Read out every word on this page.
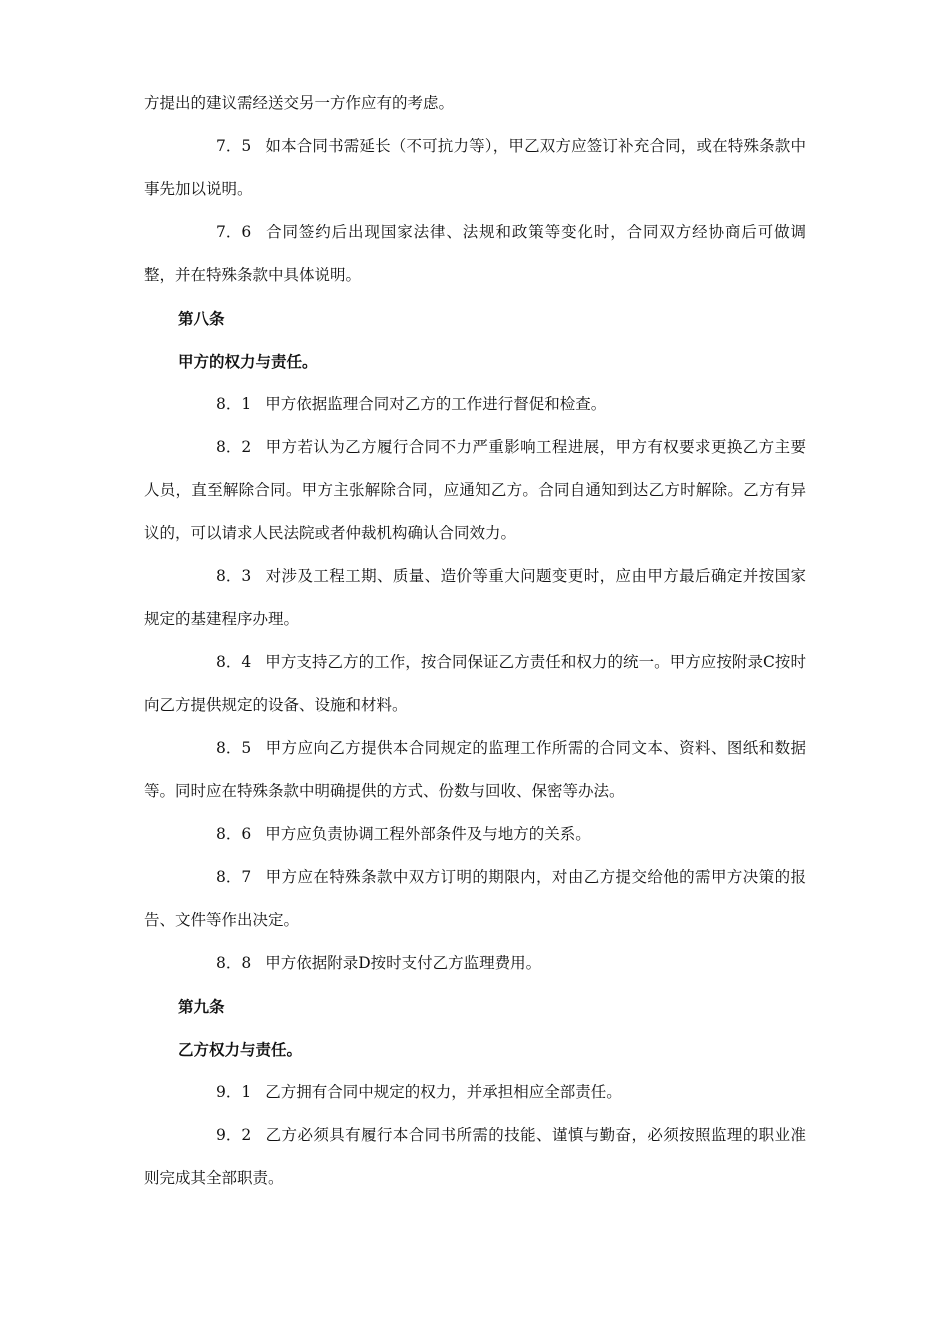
方提出的建议需经送交另一方作应有的考虑。

7．5 如本合同书需延长（不可抗力等），甲乙双方应签订补充合同，或在特殊条款中事先加以说明。

7．6 合同签约后出现国家法律、法规和政策等变化时，合同双方经协商后可做调整，并在特殊条款中具体说明。

第八条

甲方的权力与责任。

8．1 甲方依据监理合同对乙方的工作进行督促和检查。

8．2 甲方若认为乙方履行合同不力严重影响工程进展，甲方有权要求更换乙方主要人员，直至解除合同。甲方主张解除合同，应通知乙方。合同自通知到达乙方时解除。乙方有异议的，可以请求人民法院或者仲裁机构确认合同效力。

8．3 对涉及工程工期、质量、造价等重大问题变更时，应由甲方最后确定并按国家规定的基建程序办理。

8．4 甲方支持乙方的工作，按合同保证乙方责任和权力的统一。甲方应按附录C按时向乙方提供规定的设备、设施和材料。

8．5 甲方应向乙方提供本合同规定的监理工作所需的合同文本、资料、图纸和数据等。同时应在特殊条款中明确提供的方式、份数与回收、保密等办法。

8．6 甲方应负责协调工程外部条件及与地方的关系。

8．7 甲方应在特殊条款中双方订明的期限内，对由乙方提交给他的需甲方决策的报告、文件等作出决定。

8．8 甲方依据附录D按时支付乙方监理费用。

第九条

乙方权力与责任。

9．1 乙方拥有合同中规定的权力，并承担相应全部责任。

9．2 乙方必须具有履行本合同书所需的技能、谨慎与勤奋，必须按照监理的职业准则完成其全部职责。
